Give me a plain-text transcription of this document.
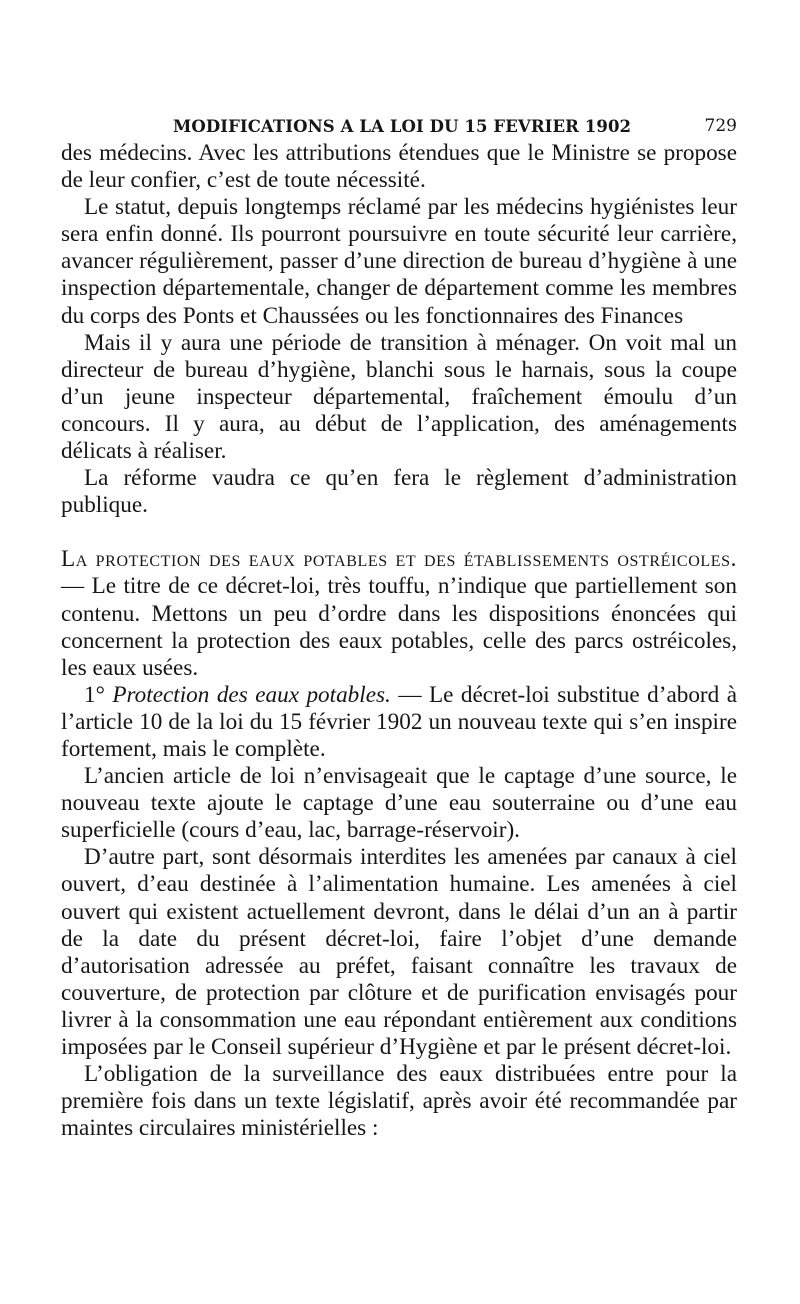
MODIFICATIONS A LA LOI DU 15 FEVRIER 1902	729

des médecins. Avec les attributions étendues que le Ministre se propose de leur confier, c’est de toute nécessité.

Le statut, depuis longtemps réclamé par les médecins hygiénistes leur sera enfin donné. Ils pourront poursuivre en toute sécurité leur carrière, avancer régulièrement, passer d’une direction de bureau d’hygiène à une inspection départementale, changer de département comme les membres du corps des Ponts et Chaussées ou les fonctionnaires des Finances

Mais il y aura une période de transition à ménager. On voit mal un directeur de bureau d’hygiène, blanchi sous le harnais, sous la coupe d’un jeune inspecteur départemental, fraîchement émoulu d’un concours. Il y aura, au début de l’application, des aménagements délicats à réaliser.

La réforme vaudra ce qu’en fera le règlement d’administration publique.

La protection des eaux potables et des établissements ostréicoles. — Le titre de ce décret-loi, très touffu, n’indique que partiellement son contenu. Mettons un peu d’ordre dans les dispositions énoncées qui concernent la protection des eaux potables, celle des parcs ostréicoles, les eaux usées.

1° Protection des eaux potables. — Le décret-loi substitue d’abord à l’article 10 de la loi du 15 février 1902 un nouveau texte qui s’en inspire fortement, mais le complète.

L’ancien article de loi n’envisageait que le captage d’une source, le nouveau texte ajoute le captage d’une eau souterraine ou d’une eau superficielle (cours d’eau, lac, barrage-réservoir).

D’autre part, sont désormais interdites les amenées par canaux à ciel ouvert, d’eau destinée à l’alimentation humaine. Les amenées à ciel ouvert qui existent actuellement devront, dans le délai d’un an à partir de la date du présent décret-loi, faire l’objet d’une demande d’autorisation adressée au préfet, faisant connaître les travaux de couverture, de protection par clôture et de purification envisagés pour livrer à la consommation une eau répondant entièrement aux conditions imposées par le Conseil supérieur d’Hygiène et par le présent décret-loi.

L’obligation de la surveillance des eaux distribuées entre pour la première fois dans un texte législatif, après avoir été recommandée par maintes circulaires ministérielles :
